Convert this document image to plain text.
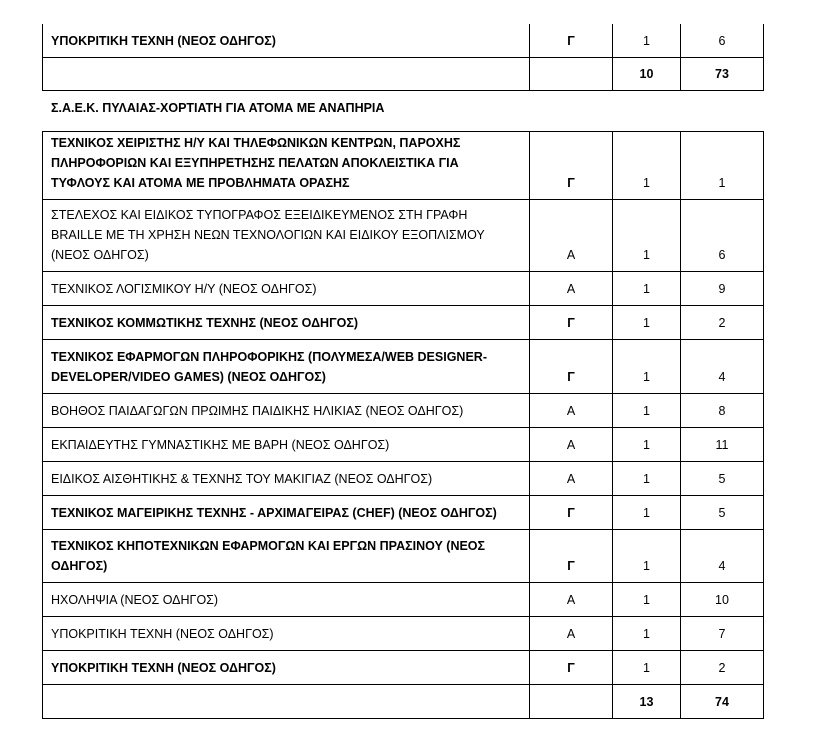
ΥΠΟΚΡΙΤΙΚΗ ΤΕΧΝΗ (ΝΕΟΣ ΟΔΗΓΟΣ)	Γ	1	6
		10	73
Σ.Α.Ε.Κ. ΠΥΛΑΙΑΣ-ΧΟΡΤΙΑΤΗ ΓΙΑ ΑΤΟΜΑ ΜΕ ΑΝΑΠΗΡΙΑ
ΤΕΧΝΙΚΟΣ ΧΕΙΡΙΣΤΗΣ Η/Υ ΚΑΙ ΤΗΛΕΦΩΝΙΚΩΝ ΚΕΝΤΡΩΝ, ΠΑΡΟΧΗΣ ΠΛΗΡΟΦΟΡΙΩΝ ΚΑΙ ΕΞΥΠΗΡΕΤΗΣΗΣ ΠΕΛΑΤΩΝ ΑΠΟΚΛΕΙΣΤΙΚΑ ΓΙΑ ΤΥΦΛΟΥΣ ΚΑΙ ΑΤΟΜΑ ΜΕ ΠΡΟΒΛΗΜΑΤΑ ΟΡΑΣΗΣ	Γ	1	1
ΣΤΕΛΕΧΟΣ ΚΑΙ ΕΙΔΙΚΟΣ ΤΥΠΟΓΡΑΦΟΣ ΕΞΕΙΔΙΚΕΥΜΕΝΟΣ ΣΤΗ ΓΡΑΦΗ BRAILLE ΜΕ ΤΗ ΧΡΗΣΗ ΝΕΩΝ ΤΕΧΝΟΛΟΓΙΩΝ ΚΑΙ ΕΙΔΙΚΟΥ ΕΞΟΠΛΙΣΜΟΥ (ΝΕΟΣ ΟΔΗΓΟΣ)	Α	1	6
ΤΕΧΝΙΚΟΣ ΛΟΓΙΣΜΙΚΟΥ Η/Υ (ΝΕΟΣ ΟΔΗΓΟΣ)	Α	1	9
ΤΕΧΝΙΚΟΣ ΚΟΜΜΩΤΙΚΗΣ ΤΕΧΝΗΣ (ΝΕΟΣ ΟΔΗΓΟΣ)	Γ	1	2
ΤΕΧΝΙΚΟΣ ΕΦΑΡΜΟΓΩΝ ΠΛΗΡΟΦΟΡΙΚΗΣ (ΠΟΛΥΜΕΣΑ/WEB DESIGNER-DEVELOPER/VIDEO GAMES) (ΝΕΟΣ ΟΔΗΓΟΣ)	Γ	1	4
ΒΟΗΘΟΣ ΠΑΙΔΑΓΩΓΩΝ ΠΡΩΙΜΗΣ ΠΑΙΔΙΚΗΣ ΗΛΙΚΙΑΣ (ΝΕΟΣ ΟΔΗΓΟΣ)	Α	1	8
ΕΚΠΑΙΔΕΥΤΗΣ ΓΥΜΝΑΣΤΙΚΗΣ ΜΕ ΒΑΡΗ (ΝΕΟΣ ΟΔΗΓΟΣ)	Α	1	11
ΕΙΔΙΚΟΣ ΑΙΣΘΗΤΙΚΗΣ & ΤΕΧΝΗΣ ΤΟΥ ΜΑΚΙΓΙΑΖ (ΝΕΟΣ ΟΔΗΓΟΣ)	Α	1	5
ΤΕΧΝΙΚΟΣ ΜΑΓΕΙΡΙΚΗΣ ΤΕΧΝΗΣ - ΑΡΧΙΜΑΓΕΙΡΑΣ (CHEF) (ΝΕΟΣ ΟΔΗΓΟΣ)	Γ	1	5
ΤΕΧΝΙΚΟΣ ΚΗΠΟΤΕΧΝΙΚΩΝ ΕΦΑΡΜΟΓΩΝ ΚΑΙ ΕΡΓΩΝ ΠΡΑΣΙΝΟΥ (ΝΕΟΣ ΟΔΗΓΟΣ)	Γ	1	4
ΗΧΟΛΗΨΙΑ (ΝΕΟΣ ΟΔΗΓΟΣ)	Α	1	10
ΥΠΟΚΡΙΤΙΚΗ ΤΕΧΝΗ (ΝΕΟΣ ΟΔΗΓΟΣ)	Α	1	7
ΥΠΟΚΡΙΤΙΚΗ ΤΕΧΝΗ (ΝΕΟΣ ΟΔΗΓΟΣ)	Γ	1	2
		13	74
